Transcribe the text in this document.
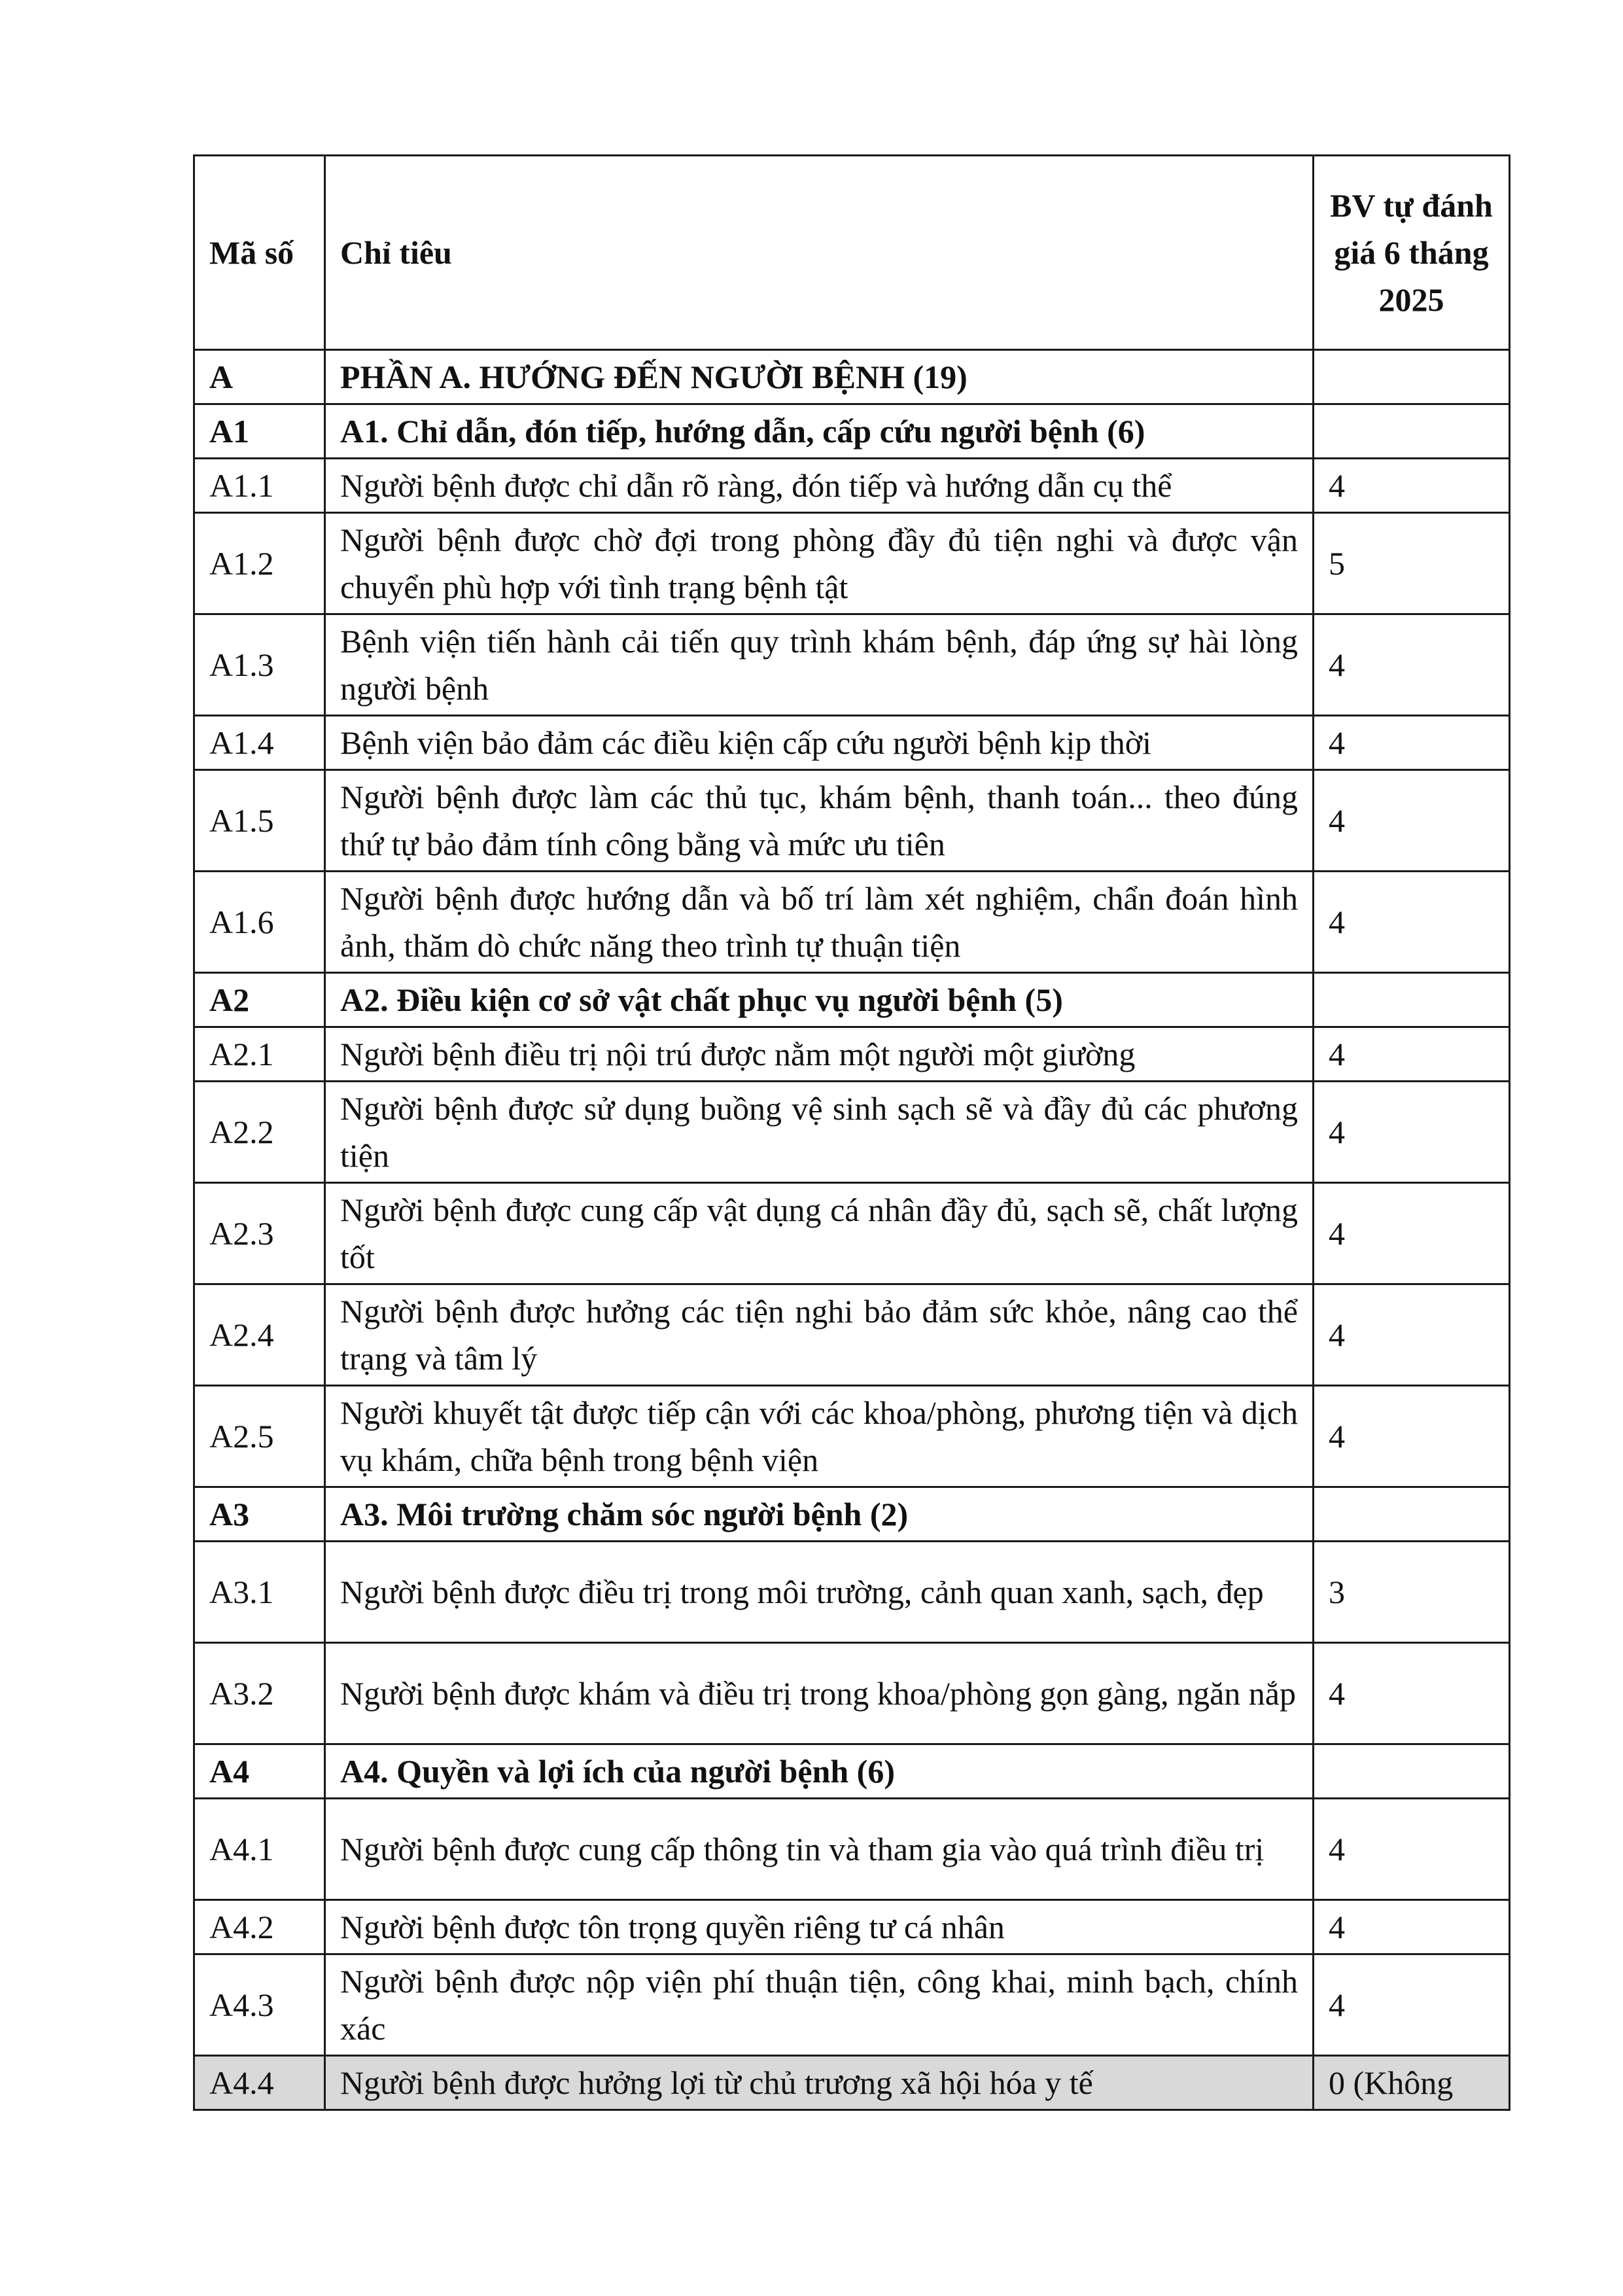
Mã số	Chỉ tiêu	BV tự đánh giá 6 tháng 2025
A	PHẦN A. HƯỚNG ĐẾN NGƯỜI BỆNH (19)	
A1	A1. Chỉ dẫn, đón tiếp, hướng dẫn, cấp cứu người bệnh (6)	
A1.1	Người bệnh được chỉ dẫn rõ ràng, đón tiếp và hướng dẫn cụ thể	4
A1.2	Người bệnh được chờ đợi trong phòng đầy đủ tiện nghi và được vận chuyển phù hợp với tình trạng bệnh tật	5
A1.3	Bệnh viện tiến hành cải tiến quy trình khám bệnh, đáp ứng sự hài lòng người bệnh	4
A1.4	Bệnh viện bảo đảm các điều kiện cấp cứu người bệnh kịp thời	4
A1.5	Người bệnh được làm các thủ tục, khám bệnh, thanh toán... theo đúng thứ tự bảo đảm tính công bằng và mức ưu tiên	4
A1.6	Người bệnh được hướng dẫn và bố trí làm xét nghiệm, chẩn đoán hình ảnh, thăm dò chức năng theo trình tự thuận tiện	4
A2	A2. Điều kiện cơ sở vật chất phục vụ người bệnh (5)	
A2.1	Người bệnh điều trị nội trú được nằm một người một giường	4
A2.2	Người bệnh được sử dụng buồng vệ sinh sạch sẽ và đầy đủ các phương tiện	4
A2.3	Người bệnh được cung cấp vật dụng cá nhân đầy đủ, sạch sẽ, chất lượng tốt	4
A2.4	Người bệnh được hưởng các tiện nghi bảo đảm sức khỏe, nâng cao thể trạng và tâm lý	4
A2.5	Người khuyết tật được tiếp cận với các khoa/phòng, phương tiện và dịch vụ khám, chữa bệnh trong bệnh viện	4
A3	A3. Môi trường chăm sóc người bệnh (2)	
A3.1	Người bệnh được điều trị trong môi trường, cảnh quan xanh, sạch, đẹp	3
A3.2	Người bệnh được khám và điều trị trong khoa/phòng gọn gàng, ngăn nắp	4
A4	A4. Quyền và lợi ích của người bệnh (6)	
A4.1	Người bệnh được cung cấp thông tin và tham gia vào quá trình điều trị	4
A4.2	Người bệnh được tôn trọng quyền riêng tư cá nhân	4
A4.3	Người bệnh được nộp viện phí thuận tiện, công khai, minh bạch, chính xác	4
A4.4	Người bệnh được hưởng lợi từ chủ trương xã hội hóa y tế	0 (Không
